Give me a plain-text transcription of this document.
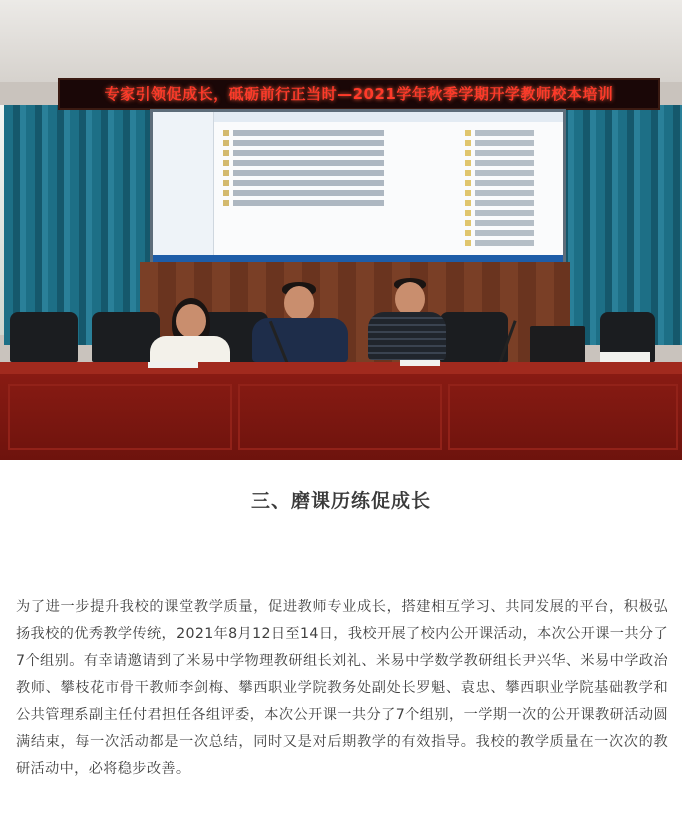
专家引领促成长，砥砺前行正当时—2021学年秋季学期开学教师校本培训
三、磨课历练促成长
为了进一步提升我校的课堂教学质量，促进教师专业成长，搭建相互学习、共同发展的平台，积极弘扬我校的优秀教学传统，2021年8月12日至14日，我校开展了校内公开课活动，本次公开课一共分了7个组别。有幸请邀请到了米易中学物理教研组长刘礼、米易中学数学教研组长尹兴华、米易中学政治教师、攀枝花市骨干教师李剑梅、攀西职业学院教务处副处长罗魁、袁忠、攀西职业学院基础教学和公共管理系副主任付君担任各组评委，本次公开课一共分了7个组别，一学期一次的公开课教研活动圆满结束，每一次活动都是一次总结，同时又是对后期教学的有效指导。我校的教学质量在一次次的教研活动中，必将稳步改善。
